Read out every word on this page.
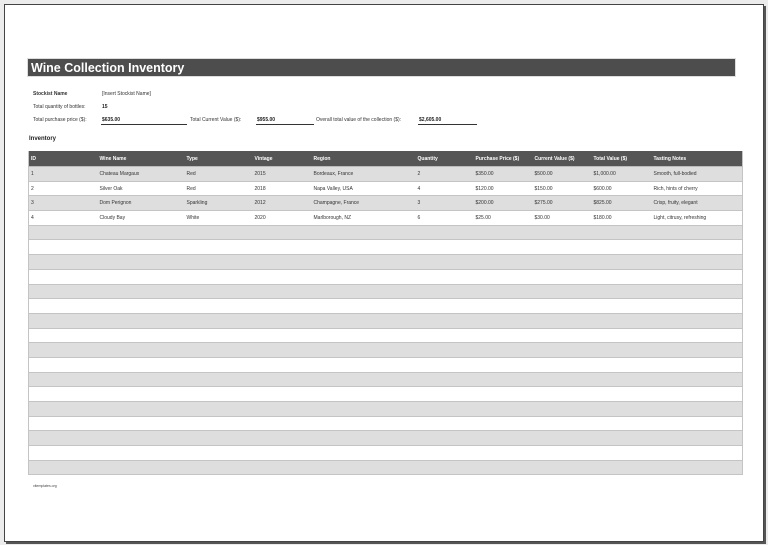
Wine Collection Inventory
Stockist Name	[Insert Stockist Name]
Total quantity of bottles:	15
Total purchase price ($):	$635.00	Total Current Value ($):	$955.00	Overall total value of the collection ($):	$2,605.00
Inventory
ID	Wine Name	Type	Vintage	Region	Quantity	Purchase Price ($)	Current Value ($)	Total Value ($)	Tasting Notes
1	Chateau Margaux	Red	2015	Bordeaux, France	2	$350.00	$500.00	$1,000.00	Smooth, full-bodied
2	Silver Oak	Red	2018	Napa Valley, USA	4	$120.00	$150.00	$600.00	Rich, hints of cherry
3	Dom Perignon	Sparkling	2012	Champagne, France	3	$200.00	$275.00	$825.00	Crisp, fruity, elegant
4	Cloudy Bay	White	2020	Marlborough, NZ	6	$25.00	$30.00	$180.00	Light, citrusy, refreshing

xltemplates.org
